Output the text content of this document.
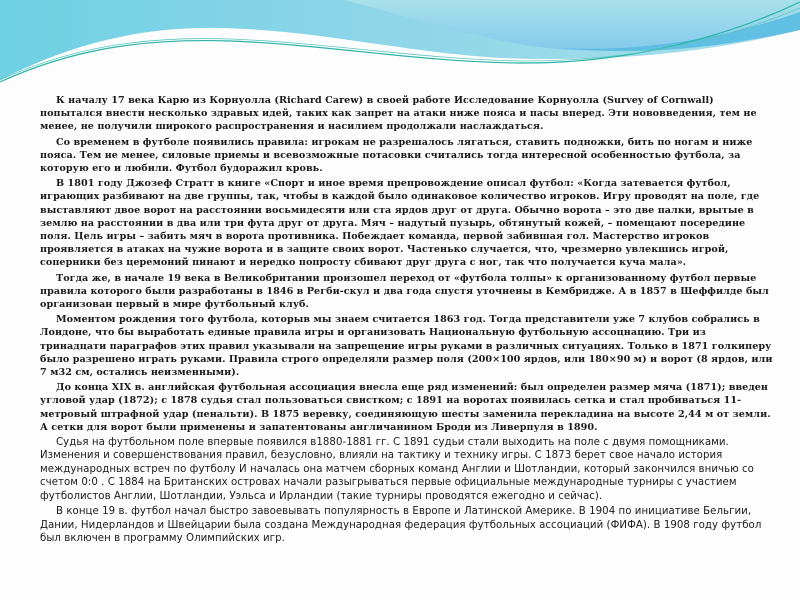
К началу 17 века Карю из Корнуолла (Richard Carew) в своей работе Исследование Корнуолла (Survey of Cornwall) попытался внести несколько здравых идей, таких как запрет на атаки ниже пояса и пасы вперед. Эти нововведения, тем не менее, не получили широкого распространения и насилием продолжали наслаждаться.

Со временем в футболе появились правила: игрокам не разрешалось лягаться, ставить подножки, бить по ногам и ниже пояса. Тем не менее, силовые приемы и всевозможные потасовки считались тогда интересной особенностью футбола, за которую его и любили. Футбол будоражил кровь.

В 1801 году Джозеф Стратт в книге «Спорт и иное время препровождение описал футбол: «Когда затевается футбол, играющих разбивают на две группы, так, чтобы в каждой было одинаковое количество игроков. Игру проводят на поле, где выставляют двое ворот на расстоянии восьмидесяти или ста ярдов друг от друга. Обычно ворота – это две палки, врытые в землю на расстоянии в два или три фута друг от друга. Мяч – надутый пузырь, обтянутый кожей, – помещают посередине поля. Цель игры – забить мяч в ворота противника. Побеждает команда, первой забившая гол. Мастерство игроков проявляется в атаках на чужие ворота и в защите своих ворот. Частенько случается, что, чрезмерно увлекшись игрой, соперники без церемоний пинают и нередко попросту сбивают друг друга с ног, так что получается куча мала».

Тогда же, в начале 19 века в Великобритании произошел переход от «футбола толпы» к организованному футбол первые правила которого были разработаны в 1846 в Регби-скул и два года спустя уточнены в Кембридже. А в 1857 в Шеффилде был организован первый в мире футбольный клуб.

Моментом рождения того футбола, которыв мы знаем считается 1863 год. Тогда представители уже 7 клубов собрались в Лондоне, что бы выработать единые правила игры и организовать Национальную футбольную ассоцнацию. Три из тринадцати параграфов этих правил указывали на запрещение игры руками в различных ситуациях. Только в 1871 голкиперу было разрешено играть руками. Правила строго определяли размер поля (200×100 ярдов, или 180×90 м) и ворот (8 ярдов, или 7 м32 см, остались неизменными).

До конца XIX в. английская футбольная ассоциация внесла еще ряд изменений: был определен размер мяча (1871); введен угловой удар (1872); с 1878 судья стал пользоваться свистком; с 1891 на воротах появилась сетка и стал пробиваться 11-метровый штрафной удар (пенальти). В 1875 веревку, соединяющую шесты заменила перекладина на высоте 2,44 м от земли. А сетки для ворот были применены и запатентованы англичанином Броди из Ливерпуля в 1890.

Судья на футбольном поле впервые появился в1880-1881 гг. С 1891 судьи стали выходить на поле с двумя помощниками. Изменения и совершенствования правил, безусловно, влияли на тактику и технику игры. С 1873 берет свое начало история международных встреч по футболу И началась она матчем сборных команд Англии и Шотландии, который закончился вничью со счетом 0:0 . С 1884 на Британских островах начали разыгрываться первые официальные международные турниры с участием футболистов Англии, Шотландии, Уэльса и Ирландии (такие турниры проводятся ежегодно и сейчас).

В конце 19 в. футбол начал быстро завоевывать популярность в Европе и Латинской Америке. В 1904 по инициативе Бельгии, Дании, Нидерландов и Швейцарии была создана Международная федерация футбольных ассоциаций (ФИФА). В 1908 году футбол был включен в программу Олимпийских игр.
